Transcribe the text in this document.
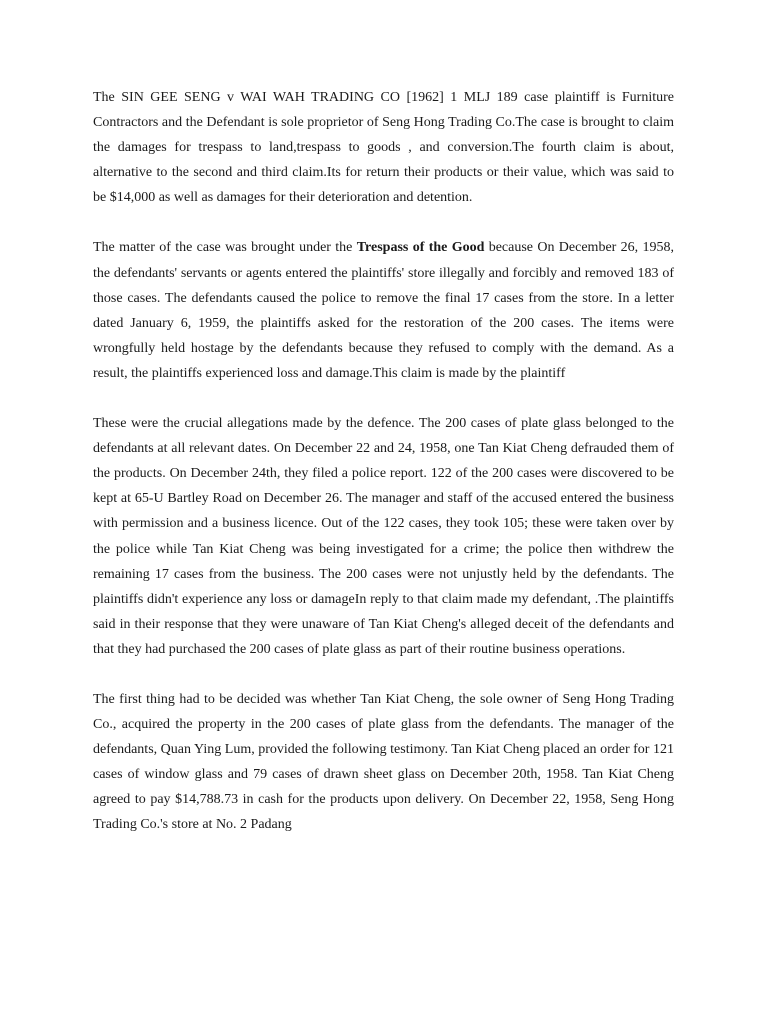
The SIN GEE SENG v WAI WAH TRADING CO [1962] 1 MLJ 189 case plaintiff is Furniture Contractors and the Defendant is sole proprietor of Seng Hong Trading Co.The case is brought to claim the damages for trespass to land,trespass to goods , and conversion.The fourth claim is about, alternative to the second and third claim.Its for return their products or their value, which was said to be $14,000 as well as damages for their deterioration and detention.

The matter of the case was brought under the Trespass of the Good because On December 26, 1958, the defendants' servants or agents entered the plaintiffs' store illegally and forcibly and removed 183 of those cases. The defendants caused the police to remove the final 17 cases from the store. In a letter dated January 6, 1959, the plaintiffs asked for the restoration of the 200 cases. The items were wrongfully held hostage by the defendants because they refused to comply with the demand. As a result, the plaintiffs experienced loss and damage.This claim is made by the plaintiff

These were the crucial allegations made by the defence. The 200 cases of plate glass belonged to the defendants at all relevant dates. On December 22 and 24, 1958, one Tan Kiat Cheng defrauded them of the products. On December 24th, they filed a police report. 122 of the 200 cases were discovered to be kept at 65-U Bartley Road on December 26. The manager and staff of the accused entered the business with permission and a business licence. Out of the 122 cases, they took 105; these were taken over by the police while Tan Kiat Cheng was being investigated for a crime; the police then withdrew the remaining 17 cases from the business. The 200 cases were not unjustly held by the defendants. The plaintiffs didn't experience any loss or damageIn reply to that claim made my defendant, .The plaintiffs said in their response that they were unaware of Tan Kiat Cheng's alleged deceit of the defendants and that they had purchased the 200 cases of plate glass as part of their routine business operations.

The first thing had to be decided was whether Tan Kiat Cheng, the sole owner of Seng Hong Trading Co., acquired the property in the 200 cases of plate glass from the defendants. The manager of the defendants, Quan Ying Lum, provided the following testimony. Tan Kiat Cheng placed an order for 121 cases of window glass and 79 cases of drawn sheet glass on December 20th, 1958. Tan Kiat Cheng agreed to pay $14,788.73 in cash for the products upon delivery. On December 22, 1958, Seng Hong Trading Co.'s store at No. 2 Padang
